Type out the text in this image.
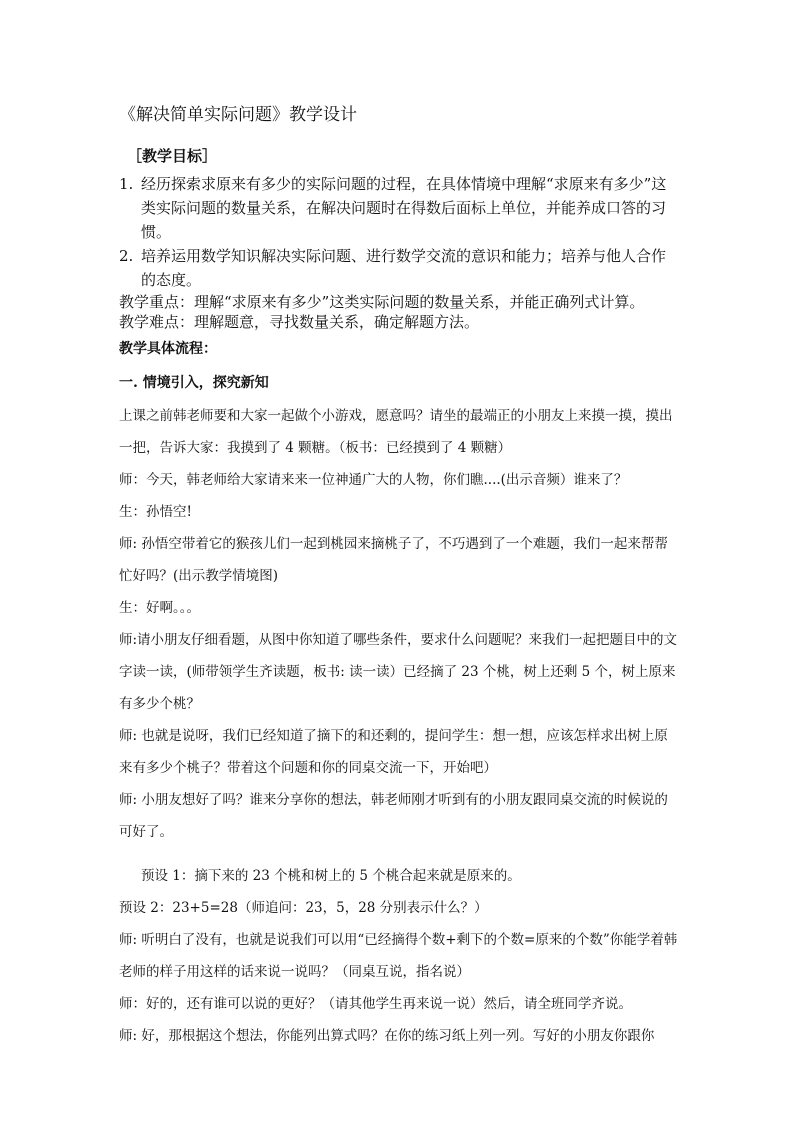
《解决简单实际问题》教学设计
［教学目标］
1. 经历探索求原来有多少的实际问题的过程，在具体情境中理解“求原来有多少”这类实际问题的数量关系，在解决问题时在得数后面标上单位，并能养成口答的习惯。
2. 培养运用数学知识解决实际问题、进行数学交流的意识和能力；培养与他人合作的态度。
教学重点：理解“求原来有多少”这类实际问题的数量关系，并能正确列式计算。
教学难点：理解题意，寻找数量关系，确定解题方法。
教学具体流程：
一. 情境引入，探究新知
上课之前韩老师要和大家一起做个小游戏，愿意吗？请坐的最端正的小朋友上来摸一摸，摸出一把，告诉大家：我摸到了 4 颗糖。（板书：已经摸到了 4 颗糖）
师：今天，韩老师给大家请来来一位神通广大的人物，你们瞧....(出示音频）谁来了？
生：孙悟空!
师: 孙悟空带着它的猴孩儿们一起到桃园来摘桃子了，不巧遇到了一个难题，我们一起来帮帮忙好吗？(出示教学情境图)
生：好啊。。。
师:请小朋友仔细看题，从图中你知道了哪些条件，要求什么问题呢？来我们一起把题目中的文字读一读，(师带领学生齐读题，板书: 读一读）已经摘了 23 个桃，树上还剩 5 个，树上原来有多少个桃？
师: 也就是说呀，我们已经知道了摘下的和还剩的，提问学生：想一想，应该怎样求出树上原来有多少个桃子？带着这个问题和你的同桌交流一下，开始吧）
师: 小朋友想好了吗？谁来分享你的想法，韩老师刚才听到有的小朋友跟同桌交流的时候说的可好了。
预设 1：摘下来的 23 个桃和树上的 5 个桃合起来就是原来的。
预设 2：23+5=28（师追问：23，5，28 分别表示什么？）
师: 听明白了没有，也就是说我们可以用“已经摘得个数+剩下的个数=原来的个数”你能学着韩老师的样子用这样的话来说一说吗？（同桌互说，指名说）
师：好的，还有谁可以说的更好？（请其他学生再来说一说）然后，请全班同学齐说。
师: 好，那根据这个想法，你能列出算式吗？在你的练习纸上列一列。写好的小朋友你跟你
